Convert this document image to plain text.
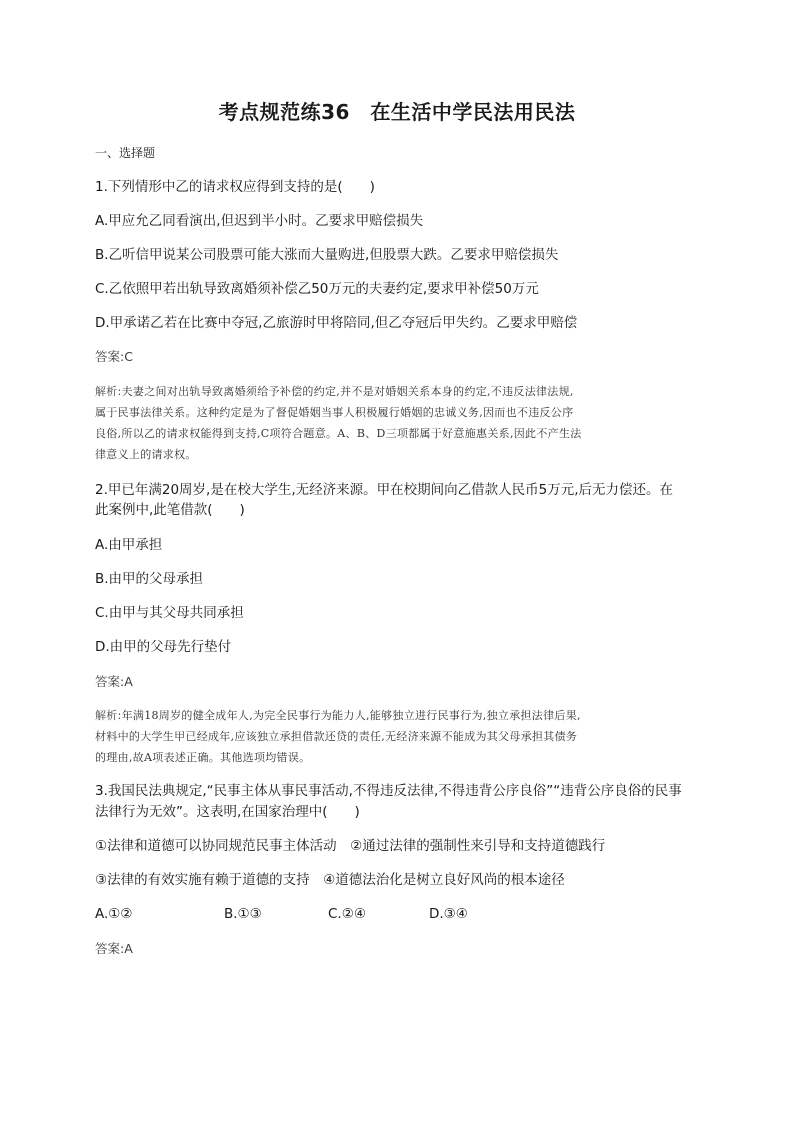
考点规范练36　在生活中学民法用民法
一、选择题
1.下列情形中乙的请求权应得到支持的是(　　)
A.甲应允乙同看演出,但迟到半小时。乙要求甲赔偿损失
B.乙听信甲说某公司股票可能大涨而大量购进,但股票大跌。乙要求甲赔偿损失
C.乙依照甲若出轨导致离婚须补偿乙50万元的夫妻约定,要求甲补偿50万元
D.甲承诺乙若在比赛中夺冠,乙旅游时甲将陪同,但乙夺冠后甲失约。乙要求甲赔偿
答案:C
解析:夫妻之间对出轨导致离婚须给予补偿的约定,并不是对婚姻关系本身的约定,不违反法律法规,
属于民事法律关系。这种约定是为了督促婚姻当事人积极履行婚姻的忠诚义务,因而也不违反公序
良俗,所以乙的请求权能得到支持,C项符合题意。A、B、D三项都属于好意施惠关系,因此不产生法
律意义上的请求权。
2.甲已年满20周岁,是在校大学生,无经济来源。甲在校期间向乙借款人民币5万元,后无力偿还。在
此案例中,此笔借款(　　)
A.由甲承担
B.由甲的父母承担
C.由甲与其父母共同承担
D.由甲的父母先行垫付
答案:A
解析:年满18周岁的健全成年人,为完全民事行为能力人,能够独立进行民事行为,独立承担法律后果,
材料中的大学生甲已经成年,应该独立承担借款还贷的责任,无经济来源不能成为其父母承担其债务
的理由,故A项表述正确。其他选项均错误。
3.我国民法典规定,“民事主体从事民事活动,不得违反法律,不得违背公序良俗”“违背公序良俗的民事
法律行为无效”。这表明,在国家治理中(　　)
①法律和道德可以协同规范民事主体活动　②通过法律的强制性来引导和支持道德践行
③法律的有效实施有赖于道德的支持　④道德法治化是树立良好风尚的根本途径
A.①②	B.①③	C.②④	D.③④
答案:A
